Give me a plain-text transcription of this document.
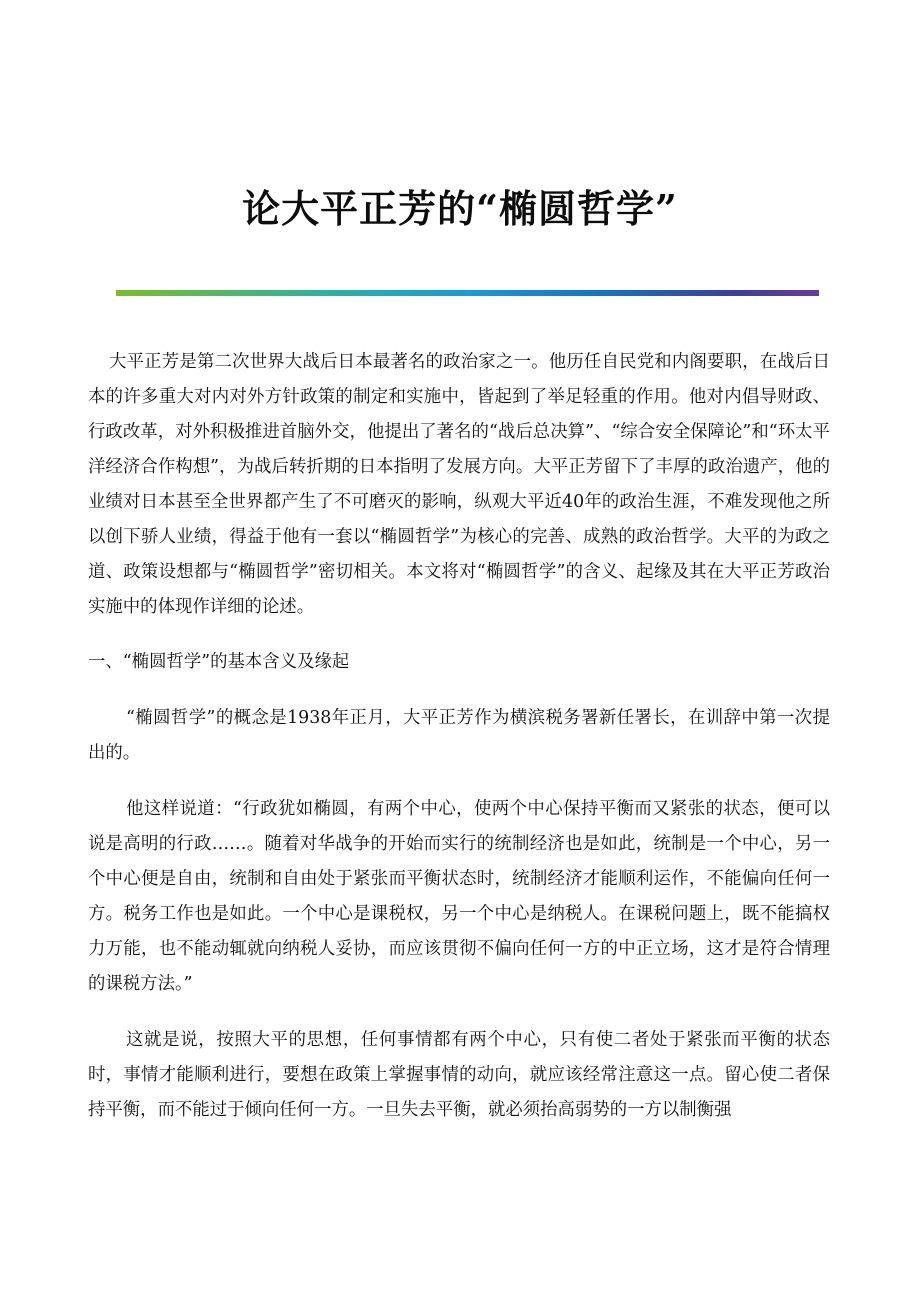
论大平正芳的“椭圆哲学”

大平正芳是第二次世界大战后日本最著名的政治家之一。他历任自民党和内阁要职，在战后日本的许多重大对内对外方针政策的制定和实施中，皆起到了举足轻重的作用。他对内倡导财政、行政改革，对外积极推进首脑外交，他提出了著名的“战后总决算”、“综合安全保障论”和“环太平洋经济合作构想”，为战后转折期的日本指明了发展方向。大平正芳留下了丰厚的政治遗产，他的业绩对日本甚至全世界都产生了不可磨灭的影响，纵观大平近40年的政治生涯，不难发现他之所以创下骄人业绩，得益于他有一套以“椭圆哲学”为核心的完善、成熟的政治哲学。大平的为政之道、政策设想都与“椭圆哲学”密切相关。本文将对“椭圆哲学”的含义、起缘及其在大平正芳政治实施中的体现作详细的论述。

一、“椭圆哲学”的基本含义及缘起

“椭圆哲学”的概念是1938年正月，大平正芳作为横滨税务署新任署长，在训辞中第一次提出的。

他这样说道：“行政犹如椭圆，有两个中心，使两个中心保持平衡而又紧张的状态，便可以说是高明的行政……。随着对华战争的开始而实行的统制经济也是如此，统制是一个中心，另一个中心便是自由，统制和自由处于紧张而平衡状态时，统制经济才能顺利运作，不能偏向任何一方。税务工作也是如此。一个中心是课税权，另一个中心是纳税人。在课税问题上，既不能搞权力万能，也不能动辄就向纳税人妥协，而应该贯彻不偏向任何一方的中正立场，这才是符合情理的课税方法。”

这就是说，按照大平的思想，任何事情都有两个中心，只有使二者处于紧张而平衡的状态时，事情才能顺利进行，要想在政策上掌握事情的动向，就应该经常注意这一点。留心使二者保持平衡，而不能过于倾向任何一方。一旦失去平衡，就必须抬高弱势的一方以制衡强
